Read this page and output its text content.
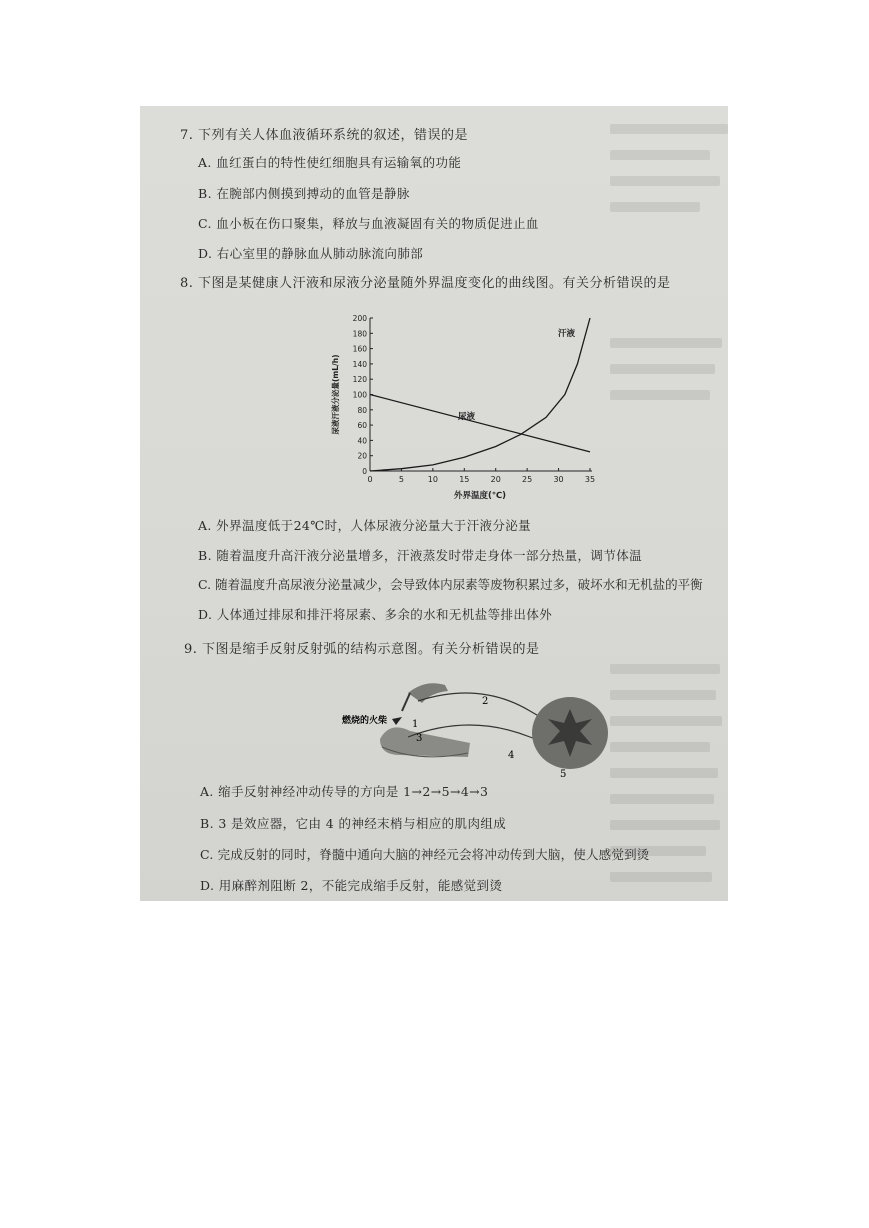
7. 下列有关人体血液循环系统的叙述，错误的是
A. 血红蛋白的特性使红细胞具有运输氧的功能
B. 在腕部内侧摸到搏动的血管是静脉
C. 血小板在伤口聚集，释放与血液凝固有关的物质促进止血
D. 右心室里的静脉血从肺动脉流向肺部
8. 下图是某健康人汗液和尿液分泌量随外界温度变化的曲线图。有关分析错误的是
0
20
40
60
80
100
120
140
160
180
200
0	5	10	15	20	25	30	35
外界温度(℃)
尿液汗液分泌量(mL/h)
汗液
尿液
A. 外界温度低于24℃时，人体尿液分泌量大于汗液分泌量
B. 随着温度升高汗液分泌量增多，汗液蒸发时带走身体一部分热量，调节体温
C. 随着温度升高尿液分泌量减少，会导致体内尿素等废物积累过多，破坏水和无机盐的平衡
D. 人体通过排尿和排汗将尿素、多余的水和无机盐等排出体外
9. 下图是缩手反射反射弧的结构示意图。有关分析错误的是
燃烧的火柴 1
2
3
4
5
A. 缩手反射神经冲动传导的方向是 1→2→5→4→3
B. 3 是效应器，它由 4 的神经末梢与相应的肌肉组成
C. 完成反射的同时，脊髓中通向大脑的神经元会将冲动传到大脑，使人感觉到烫
D. 用麻醉剂阻断 2，不能完成缩手反射，能感觉到烫
